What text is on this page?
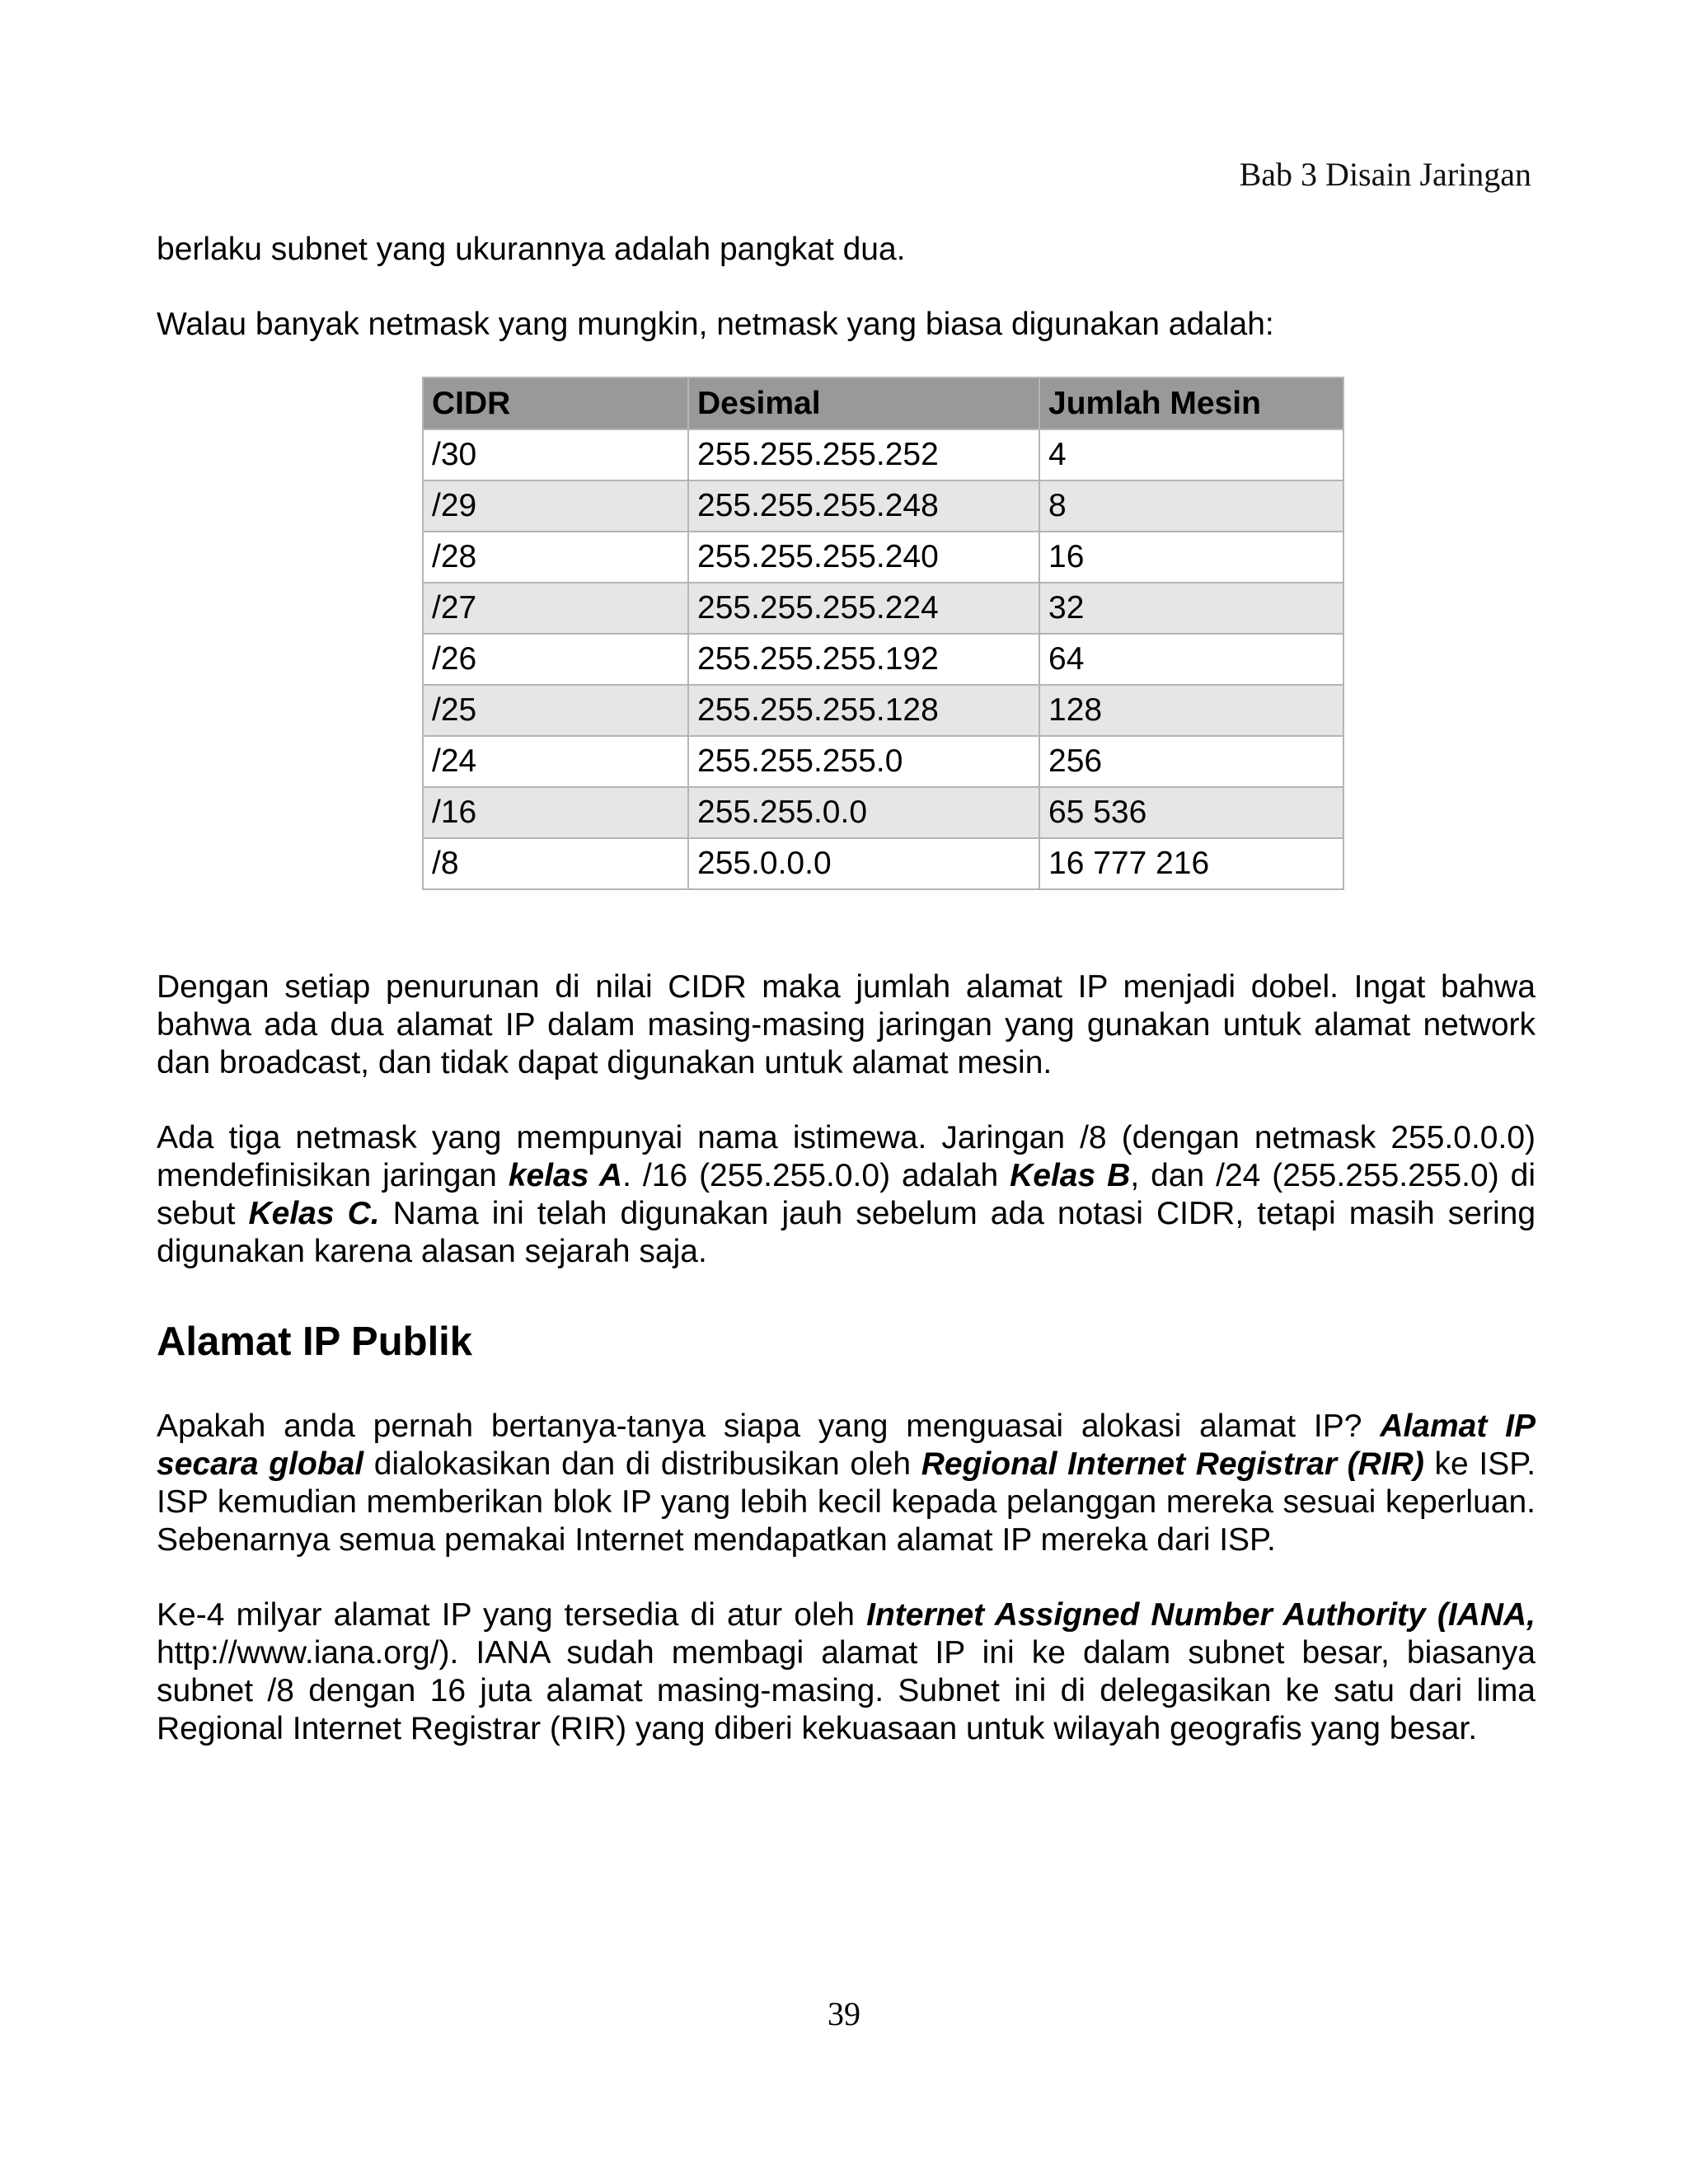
Bab 3 Disain Jaringan

berlaku subnet yang ukurannya adalah pangkat dua.

Walau banyak netmask yang mungkin, netmask yang biasa digunakan adalah:

CIDR	Desimal	Jumlah Mesin
/30	255.255.255.252	4
/29	255.255.255.248	8
/28	255.255.255.240	16
/27	255.255.255.224	32
/26	255.255.255.192	64
/25	255.255.255.128	128
/24	255.255.255.0	256
/16	255.255.0.0	65 536
/8	255.0.0.0	16 777 216

Dengan setiap penurunan di nilai CIDR maka jumlah alamat IP menjadi dobel. Ingat bahwa bahwa ada dua alamat IP dalam masing-masing jaringan yang gunakan untuk alamat network dan broadcast, dan tidak dapat digunakan untuk alamat mesin.

Ada tiga netmask yang mempunyai nama istimewa. Jaringan /8 (dengan netmask 255.0.0.0) mendefinisikan jaringan kelas A. /16 (255.255.0.0) adalah Kelas B, dan /24 (255.255.255.0) di sebut Kelas C. Nama ini telah digunakan jauh sebelum ada notasi CIDR, tetapi masih sering digunakan karena alasan sejarah saja.

Alamat IP Publik

Apakah anda pernah bertanya-tanya siapa yang menguasai alokasi alamat IP? Alamat IP secara global dialokasikan dan di distribusikan oleh Regional Internet Registrar (RIR) ke ISP. ISP kemudian memberikan blok IP yang lebih kecil kepada pelanggan mereka sesuai keperluan. Sebenarnya semua pemakai Internet mendapatkan alamat IP mereka dari ISP.

Ke-4 milyar alamat IP yang tersedia di atur oleh Internet Assigned Number Authority (IANA, http://www.iana.org/). IANA sudah membagi alamat IP ini ke dalam subnet besar, biasanya subnet /8 dengan 16 juta alamat masing-masing. Subnet ini di delegasikan ke satu dari lima Regional Internet Registrar (RIR) yang diberi kekuasaan untuk wilayah geografis yang besar.

39
